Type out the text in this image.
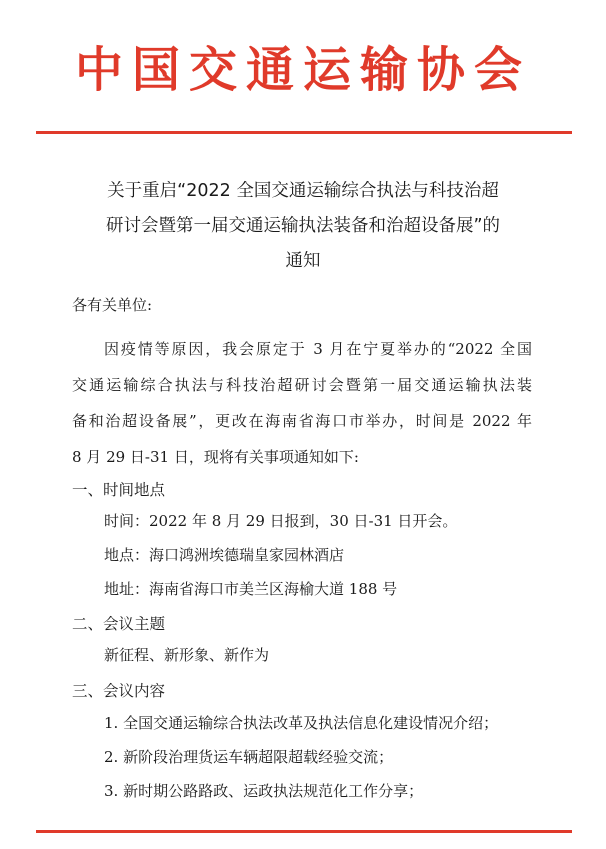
中国交通运输协会
关于重启“2022 全国交通运输综合执法与科技治超
研讨会暨第一届交通运输执法装备和治超设备展”的
通知
各有关单位:
因疫情等原因，我会原定于 3 月在宁夏举办的“2022 全国
交通运输综合执法与科技治超研讨会暨第一届交通运输执法装
备和治超设备展”，更改在海南省海口市举办，时间是 2022 年
8 月 29 日-31 日，现将有关事项通知如下:
一、时间地点
时间：2022 年 8 月 29 日报到，30 日-31 日开会。
地点：海口鸿洲埃德瑞皇家园林酒店
地址：海南省海口市美兰区海榆大道 188 号
二、会议主题
新征程、新形象、新作为
三、会议内容
1. 全国交通运输综合执法改革及执法信息化建设情况介绍；
2. 新阶段治理货运车辆超限超载经验交流；
3. 新时期公路路政、运政执法规范化工作分享；
